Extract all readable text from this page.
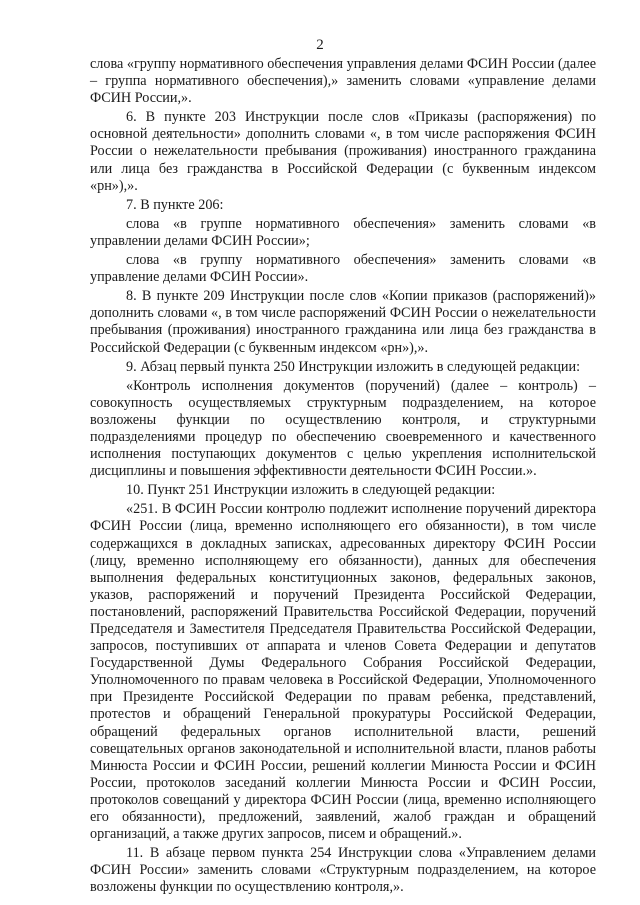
2

слова «группу нормативного обеспечения управления делами ФСИН России (далее – группа нормативного обеспечения),» заменить словами «управление делами ФСИН России,».

6. В пункте 203 Инструкции после слов «Приказы (распоряжения) по основной деятельности» дополнить словами «, в том числе распоряжения ФСИН России о нежелательности пребывания (проживания) иностранного гражданина или лица без гражданства в Российской Федерации (с буквенным индексом «рн»),».

7. В пункте 206:

слова «в группе нормативного обеспечения» заменить словами «в управлении делами ФСИН России»;

слова «в группу нормативного обеспечения» заменить словами «в управление делами ФСИН России».

8. В пункте 209 Инструкции после слов «Копии приказов (распоряжений)» дополнить словами «, в том числе распоряжений ФСИН России о нежелательности пребывания (проживания) иностранного гражданина или лица без гражданства в Российской Федерации (с буквенным индексом «рн»),».

9. Абзац первый пункта 250 Инструкции изложить в следующей редакции:

«Контроль исполнения документов (поручений) (далее – контроль) – совокупность осуществляемых структурным подразделением, на которое возложены функции по осуществлению контроля, и структурными подразделениями процедур по обеспечению своевременного и качественного исполнения поступающих документов с целью укрепления исполнительской дисциплины и повышения эффективности деятельности ФСИН России.».

10. Пункт 251 Инструкции изложить в следующей редакции:

«251. В ФСИН России контролю подлежит исполнение поручений директора ФСИН России (лица, временно исполняющего его обязанности), в том числе содержащихся в докладных записках, адресованных директору ФСИН России (лицу, временно исполняющему его обязанности), данных для обеспечения выполнения федеральных конституционных законов, федеральных законов, указов, распоряжений и поручений Президента Российской Федерации, постановлений, распоряжений Правительства Российской Федерации, поручений Председателя и Заместителя Председателя Правительства Российской Федерации, запросов, поступивших от аппарата и членов Совета Федерации и депутатов Государственной Думы Федерального Собрания Российской Федерации, Уполномоченного по правам человека в Российской Федерации, Уполномоченного при Президенте Российской Федерации по правам ребенка, представлений, протестов и обращений Генеральной прокуратуры Российской Федерации, обращений федеральных органов исполнительной власти, решений совещательных органов законодательной и исполнительной власти, планов работы Минюста России и ФСИН России, решений коллегии Минюста России и ФСИН России, протоколов заседаний коллегии Минюста России и ФСИН России, протоколов совещаний у директора ФСИН России (лица, временно исполняющего его обязанности), предложений, заявлений, жалоб граждан и обращений организаций, а также других запросов, писем и обращений.».

11. В абзаце первом пункта 254 Инструкции слова «Управлением делами ФСИН России» заменить словами «Структурным подразделением, на которое возложены функции по осуществлению контроля,».
